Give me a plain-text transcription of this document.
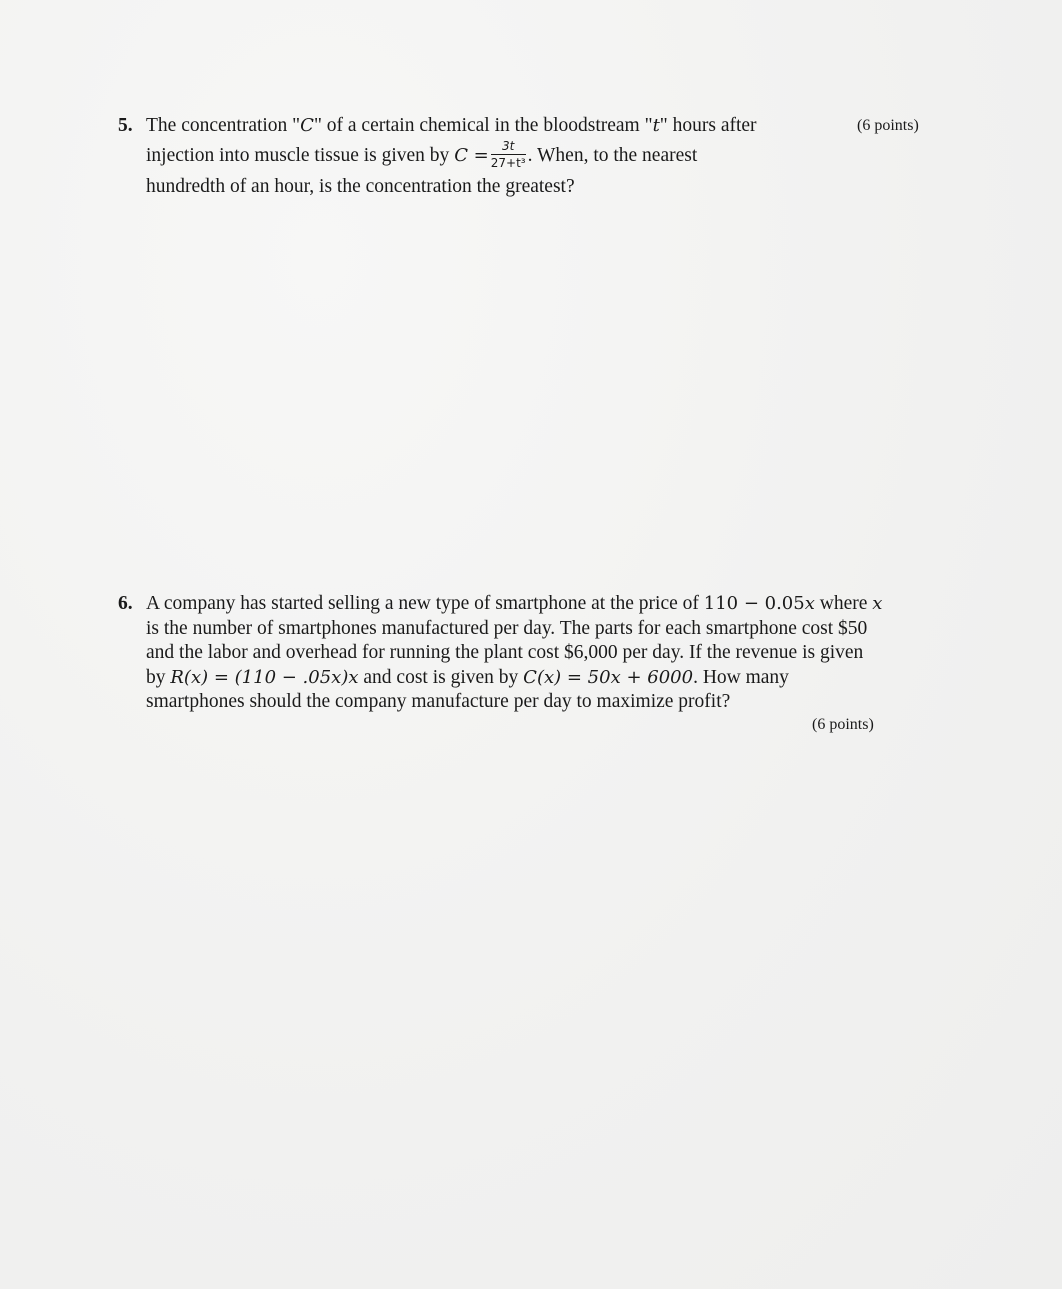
5. The concentration "C" of a certain chemical in the bloodstream "t" hours after	(6 points)
injection into muscle tissue is given by $C = \frac{3t}{\text{27+t³}}$ . When, to the nearest
hundredth of an hour, is the concentration the greatest?
6. A company has started selling a new type of smartphone at the price of 110 − 0.05x where x
is the number of smartphones manufactured per day. The parts for each smartphone cost $50
and the labor and overhead for running the plant cost $6,000 per day. If the revenue is given
by R(x) = (110 − .05x)x and cost is given by C(x) = 50x + 6000. How many
smartphones should the company manufacture per day to maximize profit?
(6 points)
